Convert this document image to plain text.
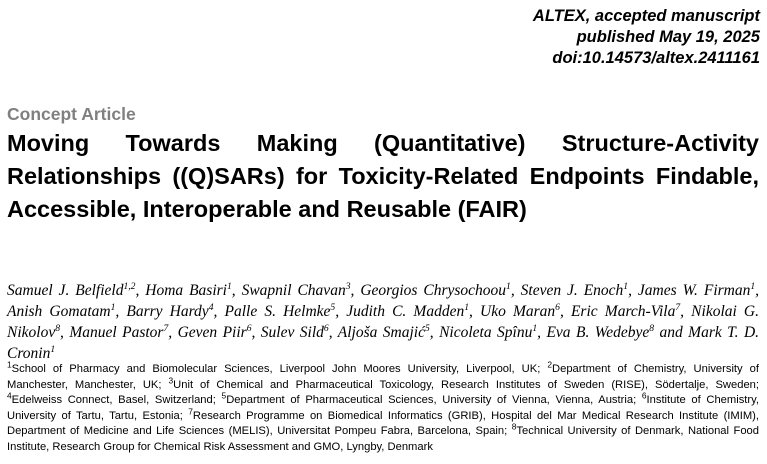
ALTEX, accepted manuscript
published May 19, 2025
doi:10.14573/altex.2411161
Concept Article
Moving Towards Making (Quantitative) Structure-Activity Relationships ((Q)SARs) for Toxicity-Related Endpoints Findable, Accessible, Interoperable and Reusable (FAIR)
Samuel J. Belfield$^{1,2}$, Homa Basiri$^1$, Swapnil Chavan$^3$, Georgios Chrysochoou$^1$, Steven J. Enoch$^1$, James W. Firman$^1$, Anish Gomatam$^1$, Barry Hardy$^4$, Palle S. Helmke$^5$, Judith C. Madden$^1$, Uko Maran$^6$, Eric March-Vila$^7$, Nikolai G. Nikolov$^8$, Manuel Pastor$^7$, Geven Piir$^6$, Sulev Sild$^6$, Aljoša Smajić$^5$, Nicoleta Spînu$^1$, Eva B. Wedebye$^8$ and Mark T. D. Cronin$^1$
$^1$School of Pharmacy and Biomolecular Sciences, Liverpool John Moores University, Liverpool, UK; $^2$Department of Chemistry, University of Manchester, Manchester, UK; $^3$Unit of Chemical and Pharmaceutical Toxicology, Research Institutes of Sweden (RISE), Södertalje, Sweden; $^4$Edelweiss Connect, Basel, Switzerland; $^5$Department of Pharmaceutical Sciences, University of Vienna, Vienna, Austria; $^6$Institute of Chemistry, University of Tartu, Tartu, Estonia; $^7$Research Programme on Biomedical Informatics (GRIB), Hospital del Mar Medical Research Institute (IMIM), Department of Medicine and Life Sciences (MELIS), Universitat Pompeu Fabra, Barcelona, Spain; $^8$Technical University of Denmark, National Food Institute, Research Group for Chemical Risk Assessment and GMO, Lyngby, Denmark
